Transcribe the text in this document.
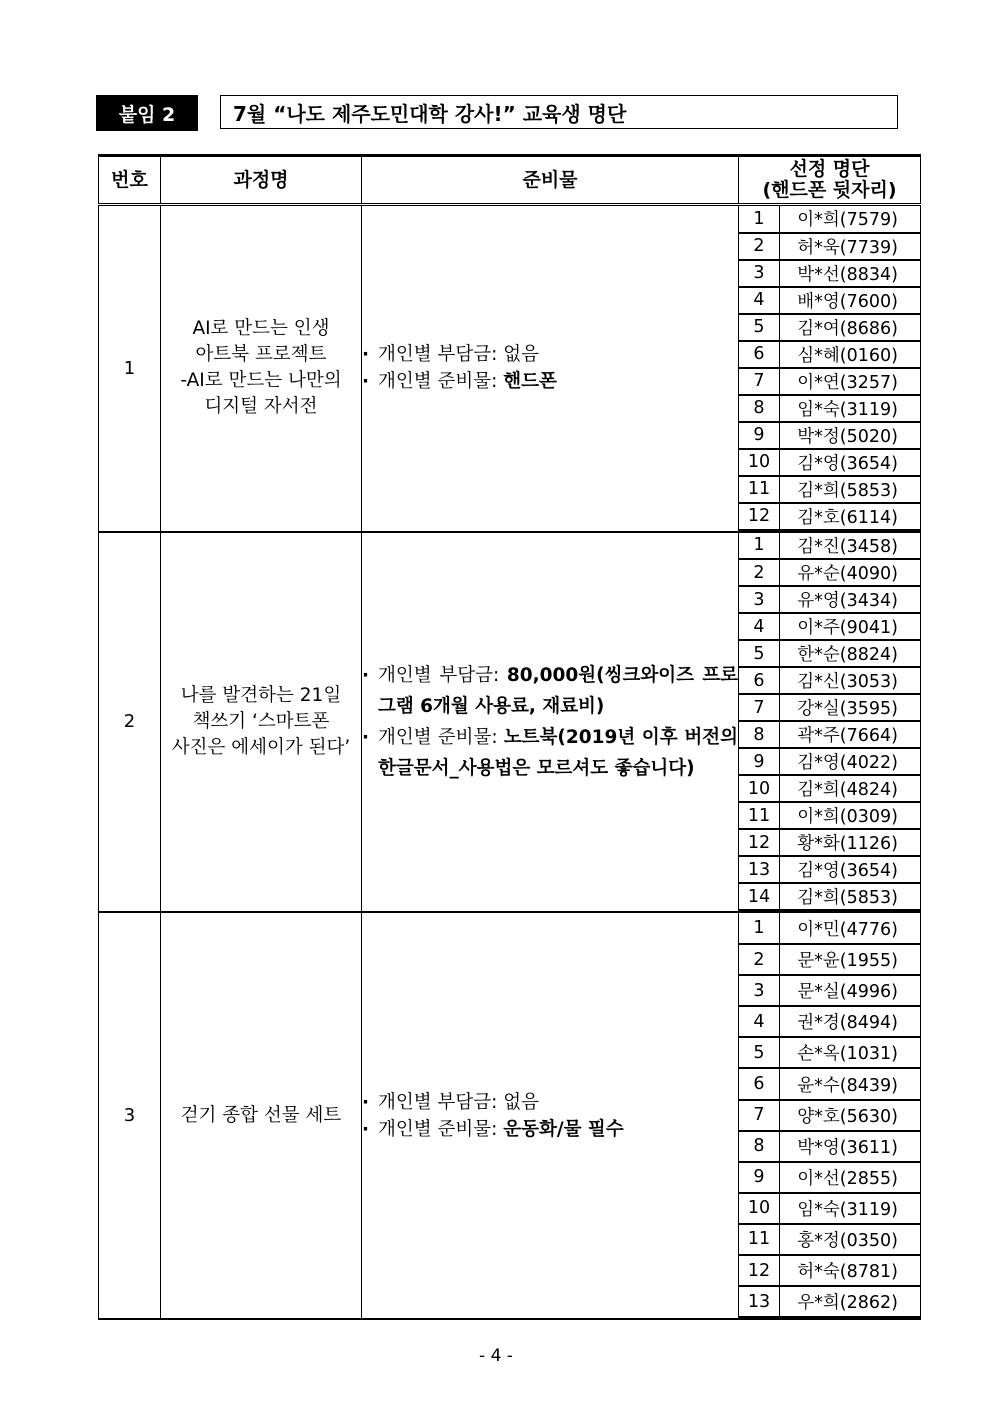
붙임 2	7월 “나도 제주도민대학 강사!” 교육생 명단
번호	과정명	준비물	선정 명단
(핸드폰 뒷자리)

1	
AI로 만드는 인생
아트북 프로젝트
-AI로 만드는 나만의
디지털 자서전

· 개인별 부담금: 없음
· 개인별 준비물: 핸드폰

1	이*희(7579)
2	허*욱(7739)
3	박*선(8834)
4	배*영(7600)
5	김*여(8686)
6	심*혜(0160)
7	이*연(3257)
8	임*숙(3119)
9	박*정(5020)
10	김*영(3654)
11	김*희(5853)
12	김*호(6114)

2	
나를 발견하는 21일
책쓰기 ‘스마트폰
사진은 에세이가 된다’

· 개인별 부담금: 80,000원(씽크와이즈 프로그램 6개월 사용료, 재료비)
· 개인별 준비물: 노트북(2019년 이후 버전의 한글문서_사용법은 모르셔도 좋습니다)

1	김*진(3458)
2	유*순(4090)
3	유*영(3434)
4	이*주(9041)
5	한*순(8824)
6	김*신(3053)
7	강*실(3595)
8	곽*주(7664)
9	김*영(4022)
10	김*희(4824)
11	이*희(0309)
12	황*화(1126)
13	김*영(3654)
14	김*희(5853)

3	걷기 종합 선물 세트

· 개인별 부담금: 없음
· 개인별 준비물: 운동화/물 필수

1	이*민(4776)
2	문*윤(1955)
3	문*실(4996)
4	권*경(8494)
5	손*옥(1031)
6	윤*수(8439)
7	양*호(5630)
8	박*영(3611)
9	이*선(2855)
10	임*숙(3119)
11	홍*정(0350)
12	허*숙(8781)
13	우*희(2862)
- 4 -
